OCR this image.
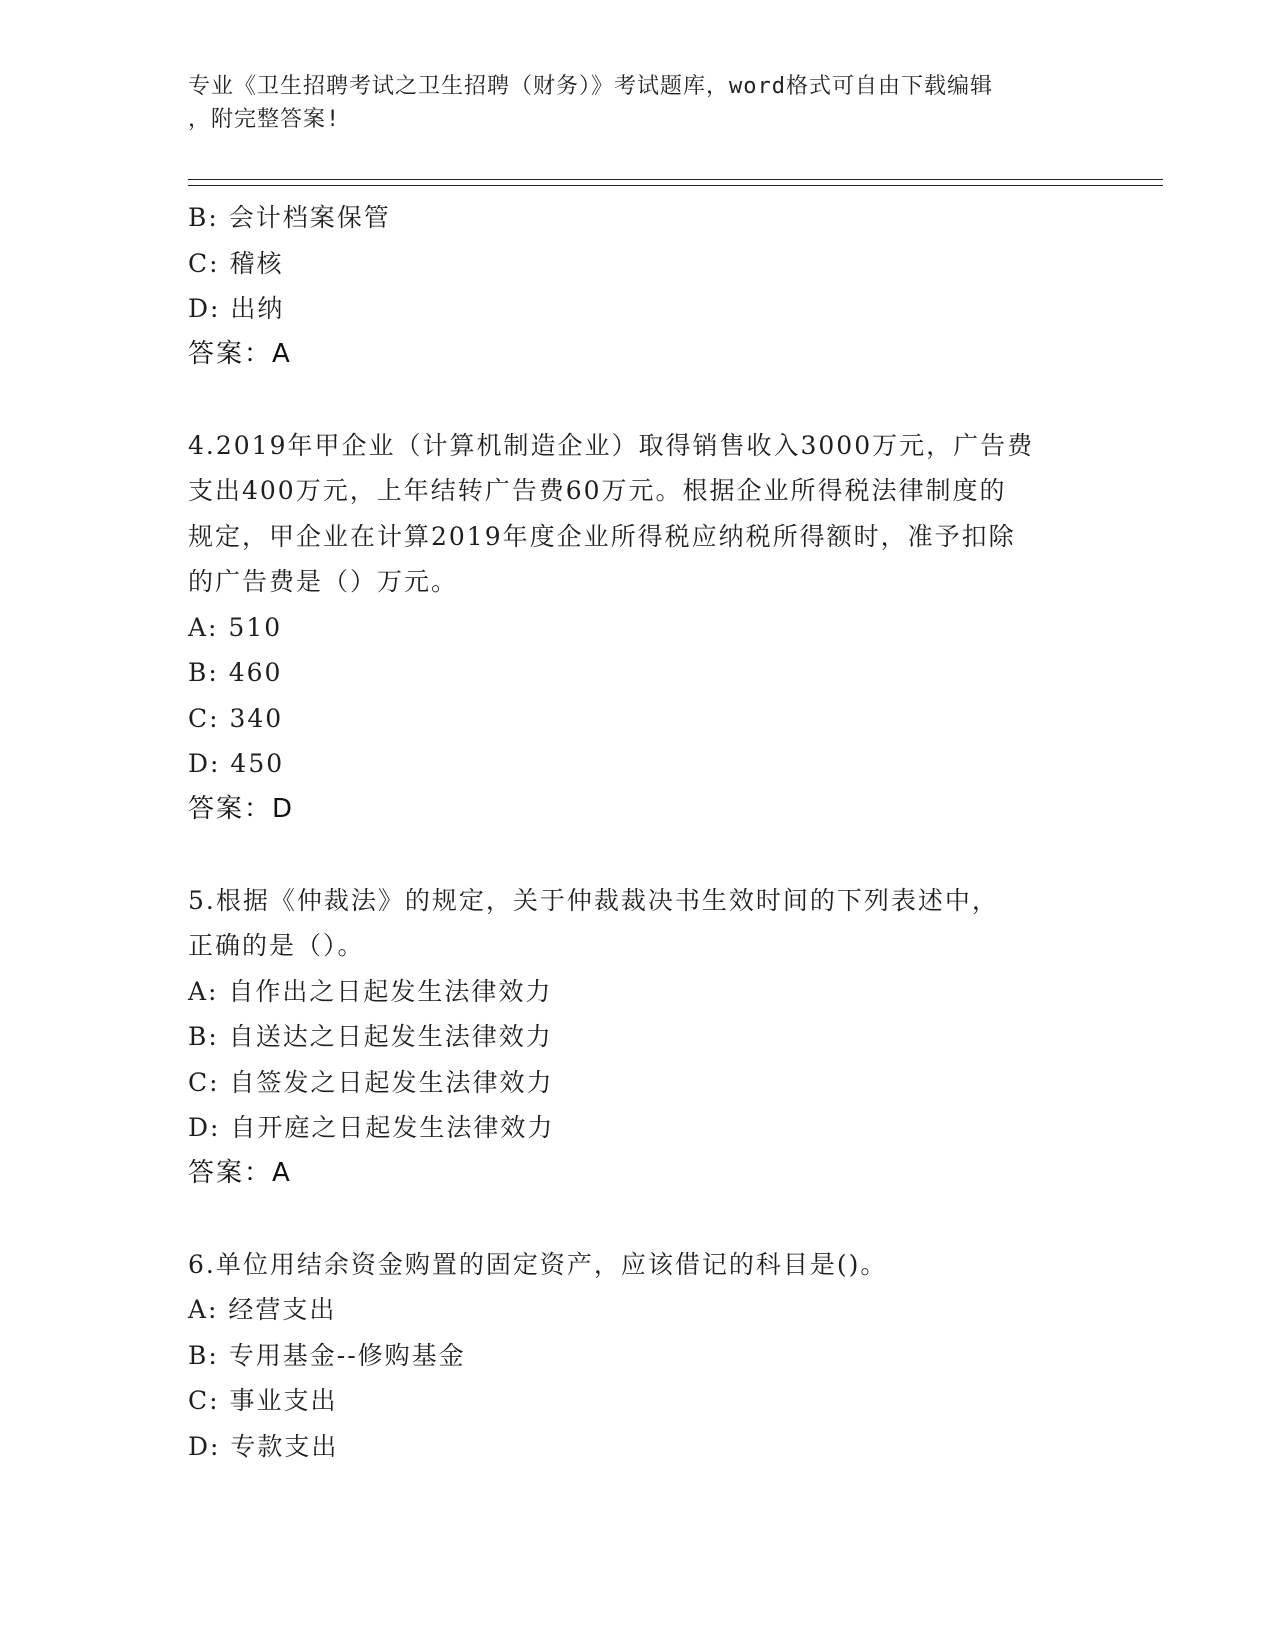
专业《卫生招聘考试之卫生招聘（财务）》考试题库，word格式可自由下载编辑
，附完整答案!
B: 会计档案保管
C: 稽核
D: 出纳
答案：A
4.2019年甲企业（计算机制造企业）取得销售收入3000万元，广告费
支出400万元，上年结转广告费60万元。根据企业所得税法律制度的
规定，甲企业在计算2019年度企业所得税应纳税所得额时，准予扣除
的广告费是（）万元。
A: 510
B: 460
C: 340
D: 450
答案：D
5.根据《仲裁法》的规定，关于仲裁裁决书生效时间的下列表述中，
正确的是（）。
A: 自作出之日起发生法律效力
B: 自送达之日起发生法律效力
C: 自签发之日起发生法律效力
D: 自开庭之日起发生法律效力
答案：A
6.单位用结余资金购置的固定资产，应该借记的科目是()。
A: 经营支出
B: 专用基金--修购基金
C: 事业支出
D: 专款支出
